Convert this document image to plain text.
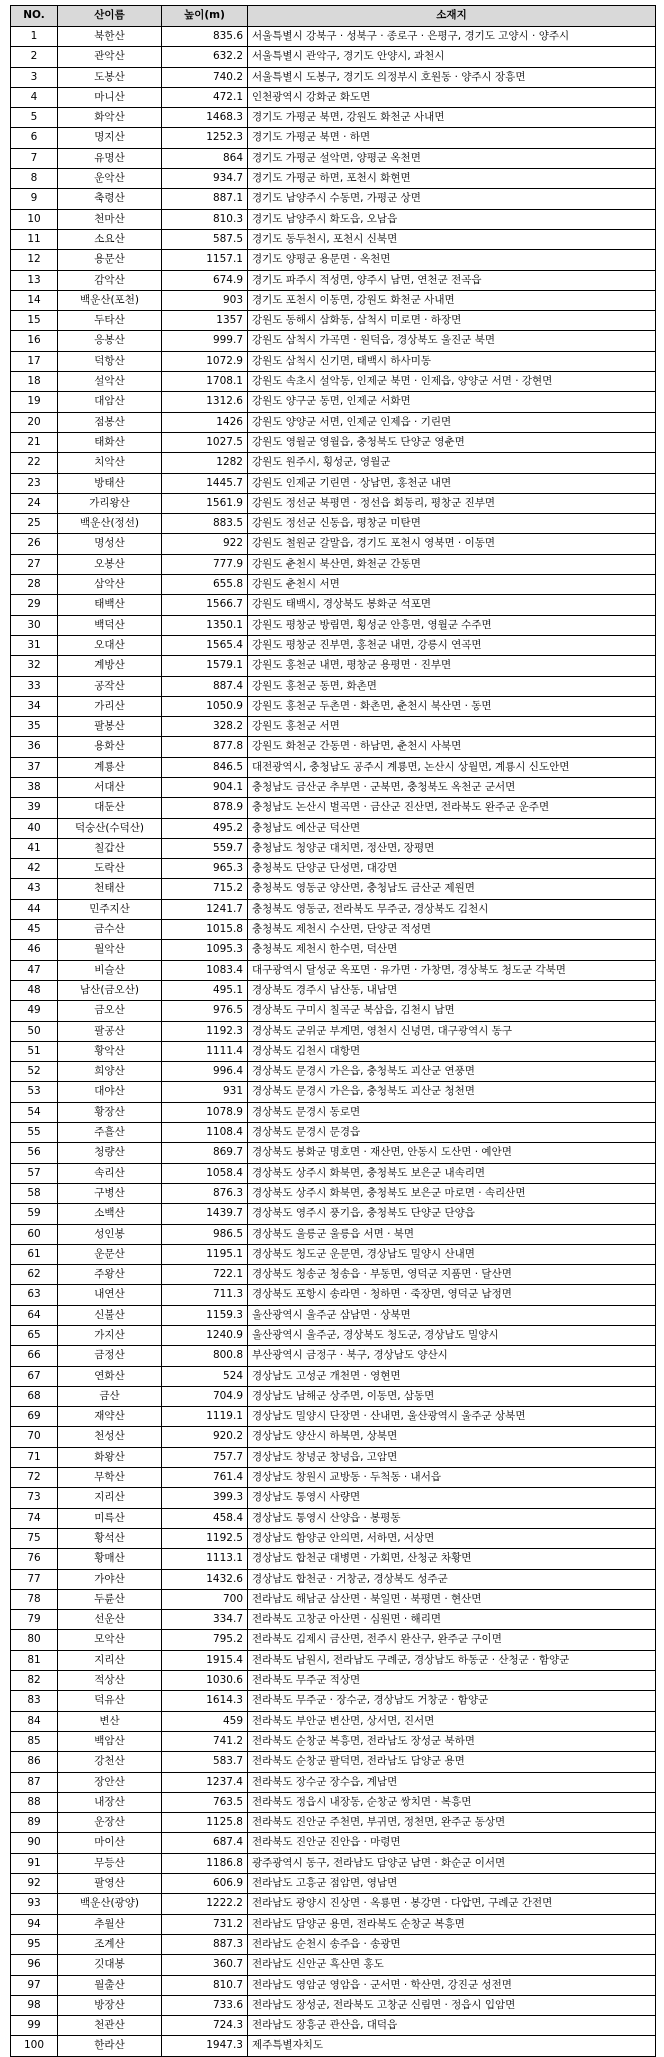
NO.	산이름	높이(m)	소재지
1	북한산	835.6	서울특별시 강북구 · 성북구 · 종로구 · 은평구, 경기도 고양시 · 양주시
2	관악산	632.2	서울특별시 관악구, 경기도 안양시, 과천시
3	도봉산	740.2	서울특별시 도봉구, 경기도 의정부시 호원동 · 양주시 장흥면
4	마니산	472.1	인천광역시 강화군 화도면
5	화악산	1468.3	경기도 가평군 북면, 강원도 화천군 사내면
6	명지산	1252.3	경기도 가평군 북면 · 하면
7	유명산	864	경기도 가평군 설악면, 양평군 옥천면
8	운악산	934.7	경기도 가평군 하면, 포천시 화현면
9	축령산	887.1	경기도 남양주시 수동면, 가평군 상면
10	천마산	810.3	경기도 남양주시 화도읍, 오남읍
11	소요산	587.5	경기도 동두천시, 포천시 신북면
12	용문산	1157.1	경기도 양평군 용문면 · 옥천면
13	감악산	674.9	경기도 파주시 적성면, 양주시 남면, 연천군 전곡읍
14	백운산(포천)	903	경기도 포천시 이동면, 강원도 화천군 사내면
15	두타산	1357	강원도 동해시 삼화동, 삼척시 미로면 · 하장면
16	응봉산	999.7	강원도 삼척시 가곡면 · 원덕읍, 경상북도 울진군 북면
17	덕항산	1072.9	강원도 삼척시 신기면, 태백시 하사미동
18	설악산	1708.1	강원도 속초시 설악동, 인제군 북면 · 인제읍, 양양군 서면 · 강현면
19	대암산	1312.6	강원도 양구군 동면, 인제군 서화면
20	점봉산	1426	강원도 양양군 서면, 인제군 인제읍 · 기린면
21	태화산	1027.5	강원도 영월군 영월읍, 충청북도 단양군 영춘면
22	치악산	1282	강원도 원주시, 횡성군, 영월군
23	방태산	1445.7	강원도 인제군 기린면 · 상남면, 홍천군 내면
24	가리왕산	1561.9	강원도 정선군 북평면 · 정선읍 회동리, 평창군 진부면
25	백운산(정선)	883.5	강원도 정선군 신동읍, 평창군 미탄면
26	명성산	922	강원도 철원군 갈말읍, 경기도 포천시 영북면 · 이동면
27	오봉산	777.9	강원도 춘천시 북산면, 화천군 간동면
28	삼악산	655.8	강원도 춘천시 서면
29	태백산	1566.7	강원도 태백시, 경상북도 봉화군 석포면
30	백덕산	1350.1	강원도 평창군 방림면, 횡성군 안흥면, 영월군 수주면
31	오대산	1565.4	강원도 평창군 진부면, 홍천군 내면, 강릉시 연곡면
32	계방산	1579.1	강원도 홍천군 내면, 평창군 용평면 · 진부면
33	공작산	887.4	강원도 홍천군 동면, 화촌면
34	가리산	1050.9	강원도 홍천군 두촌면 · 화촌면, 춘천시 북산면 · 동면
35	팔봉산	328.2	강원도 홍천군 서면
36	용화산	877.8	강원도 화천군 간동면 · 하남면, 춘천시 사북면
37	계룡산	846.5	대전광역시, 충청남도 공주시 계룡면, 논산시 상월면, 계룡시 신도안면
38	서대산	904.1	충청남도 금산군 추부면 · 군북면, 충청북도 옥천군 군서면
39	대둔산	878.9	충청남도 논산시 벌곡면 · 금산군 진산면, 전라북도 완주군 운주면
40	덕숭산(수덕산)	495.2	충청남도 예산군 덕산면
41	칠갑산	559.7	충청남도 청양군 대치면, 정산면, 장평면
42	도락산	965.3	충청북도 단양군 단성면, 대강면
43	천태산	715.2	충청북도 영동군 양산면, 충청남도 금산군 제원면
44	민주지산	1241.7	충청북도 영동군, 전라북도 무주군, 경상북도 김천시
45	금수산	1015.8	충청북도 제천시 수산면, 단양군 적성면
46	월악산	1095.3	충청북도 제천시 한수면, 덕산면
47	비슬산	1083.4	대구광역시 달성군 옥포면 · 유가면 · 가창면, 경상북도 청도군 각북면
48	남산(금오산)	495.1	경상북도 경주시 남산동, 내남면
49	금오산	976.5	경상북도 구미시 칠곡군 북삼읍, 김천시 남면
50	팔공산	1192.3	경상북도 군위군 부계면, 영천시 신녕면, 대구광역시 동구
51	황악산	1111.4	경상북도 김천시 대항면
52	희양산	996.4	경상북도 문경시 가은읍, 충청북도 괴산군 연풍면
53	대야산	931	경상북도 문경시 가은읍, 충청북도 괴산군 청천면
54	황장산	1078.9	경상북도 문경시 동로면
55	주흘산	1108.4	경상북도 문경시 문경읍
56	청량산	869.7	경상북도 봉화군 명호면 · 재산면, 안동시 도산면 · 예안면
57	속리산	1058.4	경상북도 상주시 화북면, 충청북도 보은군 내속리면
58	구병산	876.3	경상북도 상주시 화북면, 충청북도 보은군 마로면 · 속리산면
59	소백산	1439.7	경상북도 영주시 풍기읍, 충청북도 단양군 단양읍
60	성인봉	986.5	경상북도 울릉군 울릉읍 서면 · 북면
61	운문산	1195.1	경상북도 청도군 운문면, 경상남도 밀양시 산내면
62	주왕산	722.1	경상북도 청송군 청송읍 · 부동면, 영덕군 지품면 · 달산면
63	내연산	711.3	경상북도 포항시 송라면 · 청하면 · 죽장면, 영덕군 남정면
64	신불산	1159.3	울산광역시 울주군 삼남면 · 상북면
65	가지산	1240.9	울산광역시 울주군, 경상북도 청도군, 경상남도 밀양시
66	금정산	800.8	부산광역시 금정구 · 북구, 경상남도 양산시
67	연화산	524	경상남도 고성군 개천면 · 영현면
68	금산	704.9	경상남도 남해군 상주면, 이동면, 삼동면
69	재약산	1119.1	경상남도 밀양시 단장면 · 산내면, 울산광역시 울주군 상북면
70	천성산	920.2	경상남도 양산시 하북면, 상북면
71	화왕산	757.7	경상남도 창녕군 창녕읍, 고암면
72	무학산	761.4	경상남도 창원시 교방동 · 두척동 · 내서읍
73	지리산	399.3	경상남도 통영시 사량면
74	미륵산	458.4	경상남도 통영시 산양읍 · 봉평동
75	황석산	1192.5	경상남도 함양군 안의면, 서하면, 서상면
76	황매산	1113.1	경상남도 합천군 대병면 · 가회면, 산청군 차황면
77	가야산	1432.6	경상남도 합천군 · 거창군, 경상북도 성주군
78	두륜산	700	전라남도 해남군 삼산면 · 북일면 · 북평면 · 현산면
79	선운산	334.7	전라북도 고창군 아산면 · 심원면 · 해리면
80	모악산	795.2	전라북도 김제시 금산면, 전주시 완산구, 완주군 구이면
81	지리산	1915.4	전라북도 남원시, 전라남도 구례군, 경상남도 하동군 · 산청군 · 함양군
82	적상산	1030.6	전라북도 무주군 적상면
83	덕유산	1614.3	전라북도 무주군 · 장수군, 경상남도 거창군 · 함양군
84	변산	459	전라북도 부안군 변산면, 상서면, 진서면
85	백암산	741.2	전라북도 순창군 복흥면, 전라남도 장성군 북하면
86	강천산	583.7	전라북도 순창군 팔덕면, 전라남도 담양군 용면
87	장안산	1237.4	전라북도 장수군 장수읍, 계남면
88	내장산	763.5	전라북도 정읍시 내장동, 순창군 쌍치면 · 복흥면
89	운장산	1125.8	전라북도 진안군 주천면, 부귀면, 정천면, 완주군 동상면
90	마이산	687.4	전라북도 진안군 진안읍 · 마령면
91	무등산	1186.8	광주광역시 동구, 전라남도 담양군 남면 · 화순군 이서면
92	팔영산	606.9	전라남도 고흥군 점암면, 영남면
93	백운산(광양)	1222.2	전라남도 광양시 진상면 · 옥룡면 · 봉강면 · 다압면, 구례군 간전면
94	추월산	731.2	전라남도 담양군 용면, 전라북도 순창군 복흥면
95	조계산	887.3	전라남도 순천시 송주읍 · 송광면
96	깃대봉	360.7	전라남도 신안군 흑산면 홍도
97	월출산	810.7	전라남도 영암군 영암읍 · 군서면 · 학산면, 강진군 성전면
98	방장산	733.6	전라남도 장성군, 전라북도 고창군 신림면 · 정읍시 입암면
99	천관산	724.3	전라남도 장흥군 관산읍, 대덕읍
100	한라산	1947.3	제주특별자치도
